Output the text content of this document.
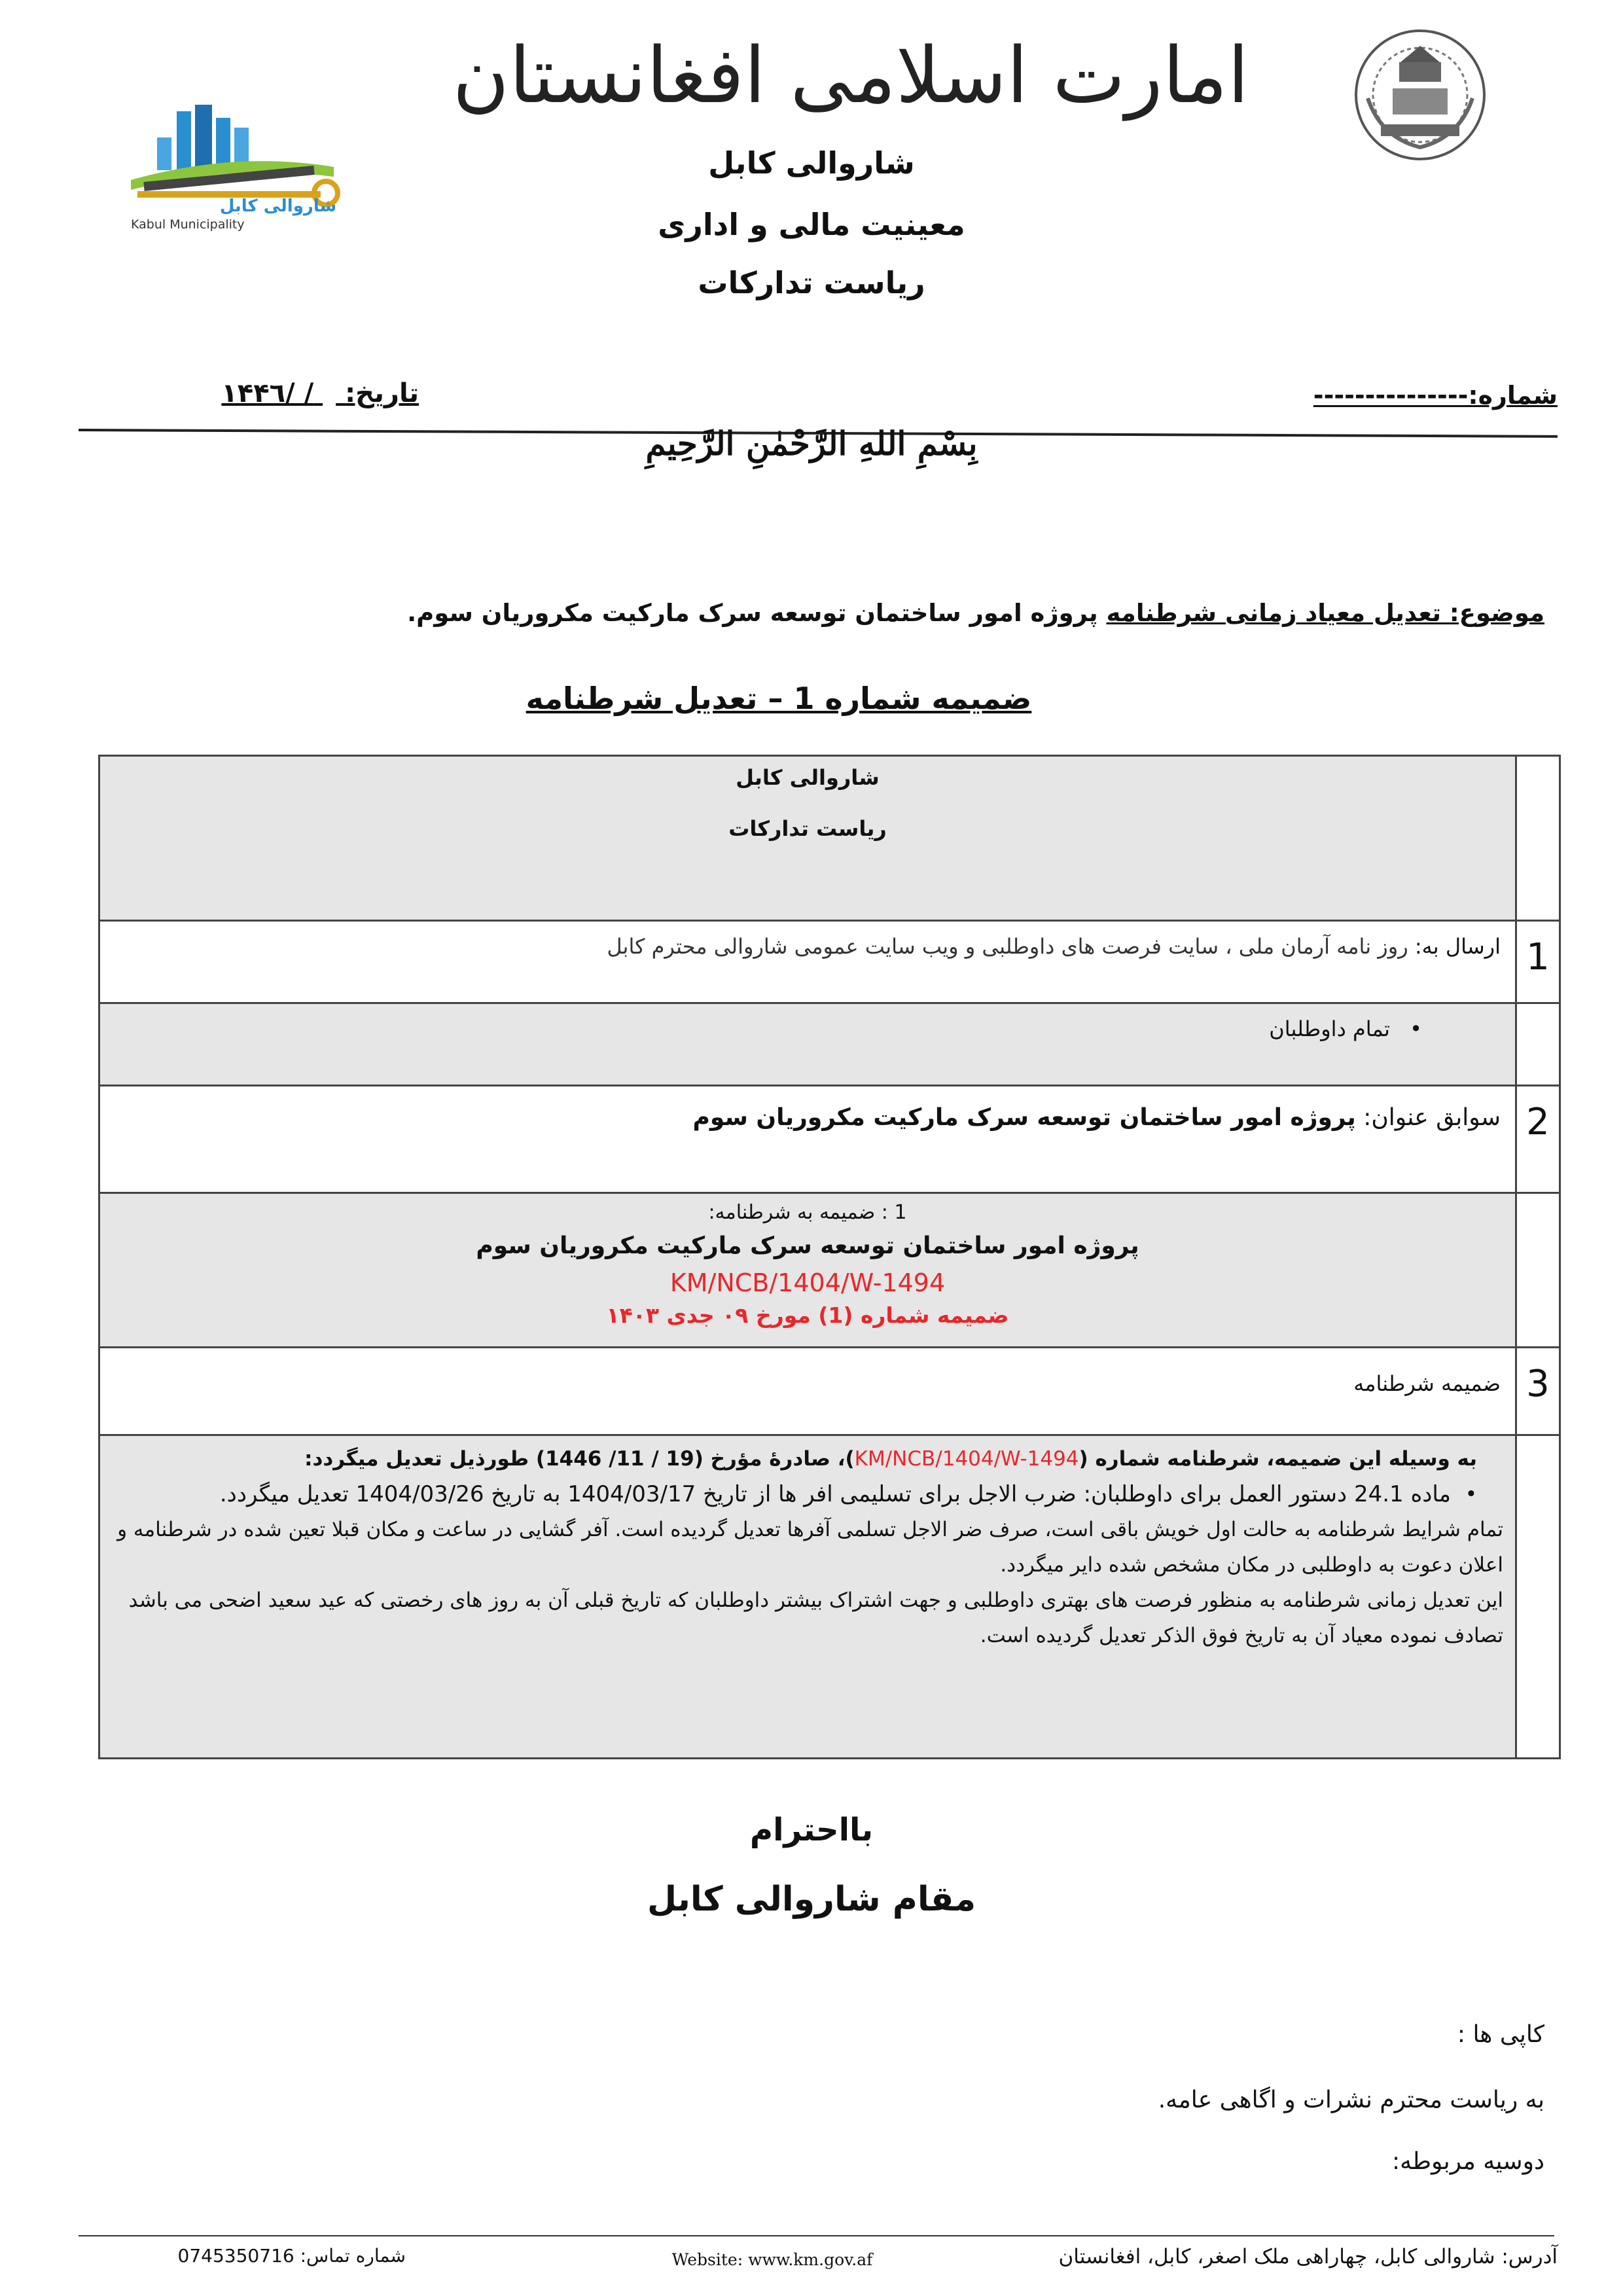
امارت اسلامی افغانستان
شاروالی کابل
Kabul Municipality
شاروالی کابل
معینیت مالی و اداری
ریاست تدارکات
شماره:---------------
تاریخ:  / /۱۴۴٦
بِسْمِ اللهِ الرَّحْمٰنِ الرَّحِيمِ
موضوع: تعدیل معیاد زمانی شرطنامه پروژه امور ساختمان توسعه سرک مارکیت مکروریان سوم.
ضمیمه شماره 1 – تعدیل شرطنامه

	شاروالی کابل
ریاست تدارکات

1	ارسال به: روز نامه آرمان ملی ، سایت فرصت های داوطلبی و ویب سایت عمومی شاروالی محترم کابل
	• تمام داوطلبان
2	سوابق عنوان: پروژه امور ساختمان توسعه سرک مارکیت مکروریان سوم

	1 : ضمیمه به شرطنامه:
پروژه امور ساختمان توسعه سرک مارکیت مکروریان سوم
KM/NCB/1404/W-1494
ضمیمه شماره (1) مورخ ۰۹ جدی ۱۴۰۳

3	ضمیمه شرطنامه

	به وسیله این ضمیمه، شرطنامه شماره (KM/NCB/1404/W-1494)، صادرۀ مؤرخ (19 / 11/ 1446) طورذیل تعدیل میگردد:
•
ماده 24.1 دستور العمل برای داوطلبان: ضرب الاجل برای تسلیمی افر ها از تاریخ 1404/03/17 به تاریخ 1404/03/26 تعدیل میگردد.
تمام شرایط شرطنامه به حالت اول خویش باقی است، صرف ضر الاجل تسلمی آفرها تعدیل گردیده است. آفر گشایی در ساعت و مکان قبلا تعین شده در شرطنامه و اعلان دعوت به داوطلبی در مکان مشخص شده دایر میگردد.
این تعدیل زمانی شرطنامه به منظور فرصت های بهتری داوطلبی و جهت اشتراک بیشتر داوطلبان که تاریخ قبلی آن به روز های رخصتی که عید سعید اضحی می باشد تصادف نموده معیاد آن به تاریخ فوق الذکر تعدیل گردیده است.
بااحترام
مقام شاروالی کابل
کاپی ها :
به ریاست محترم نشرات و اگاهی عامه.
دوسیه مربوطه:
آدرس: شاروالی کابل، چهاراهی ملک اصغر، کابل، افغانستان
Website: www.km.gov.af
شماره تماس: 0745350716
